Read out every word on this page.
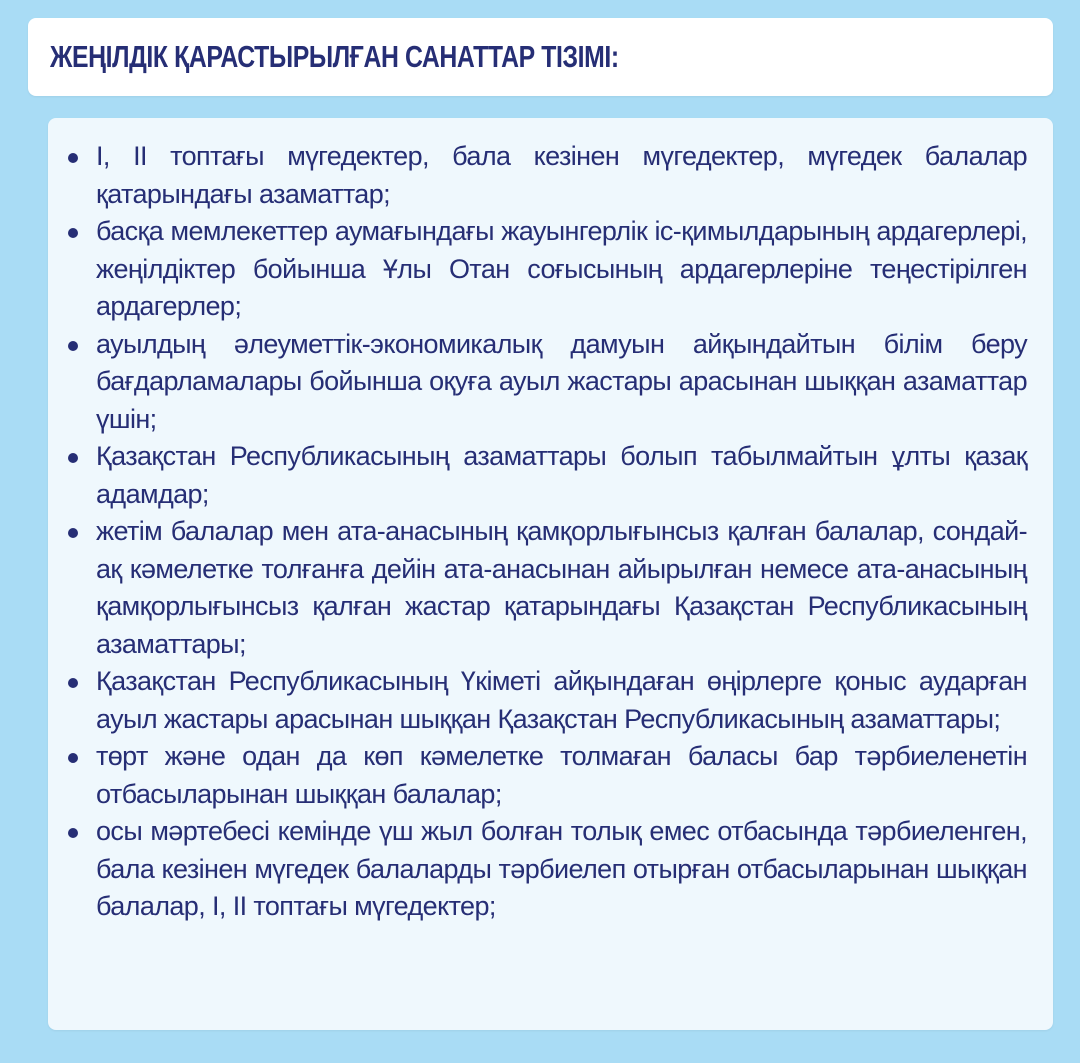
ЖЕҢІЛДІК ҚАРАСТЫРЫЛҒАН САНАТТАР ТІЗІМІ:
I, II топтағы мүгедектер, бала кезінен мүгедектер, мүгедек балалар қатарындағы азаматтар;
басқа мемлекеттер аумағындағы жауынгерлік іс-қимылдарының ардагерлері, жеңілдіктер бойынша Ұлы Отан соғысының ардагерлеріне теңестірілген ардагерлер;
ауылдың әлеуметтік-экономикалық дамуын айқындайтын білім беру бағдарламалары бойынша оқуға ауыл жастары арасынан шыққан азаматтар үшін;
Қазақстан Республикасының азаматтары болып табылмайтын ұлты қазақ адамдар;
жетім балалар мен ата-анасының қамқорлығынсыз қалған балалар, сондай-ақ кәмелетке толғанға дейін ата-анасынан айырылған немесе ата-анасының қамқорлығынсыз қалған жастар қатарындағы Қазақстан Республикасының азаматтары;
Қазақстан Республикасының Үкіметі айқындаған өңірлерге қоныс аударған ауыл жастары арасынан шыққан Қазақстан Республикасының азаматтары;
төрт және одан да көп кәмелетке толмаған баласы бар тәрбиеленетін отбасыларынан шыққан балалар;
осы мәртебесі кемінде үш жыл болған толық емес отбасында тәрбиеленген, бала кезінен мүгедек балаларды тәрбиелеп отырған отбасыларынан шыққан балалар, I, II топтағы мүгедектер;
